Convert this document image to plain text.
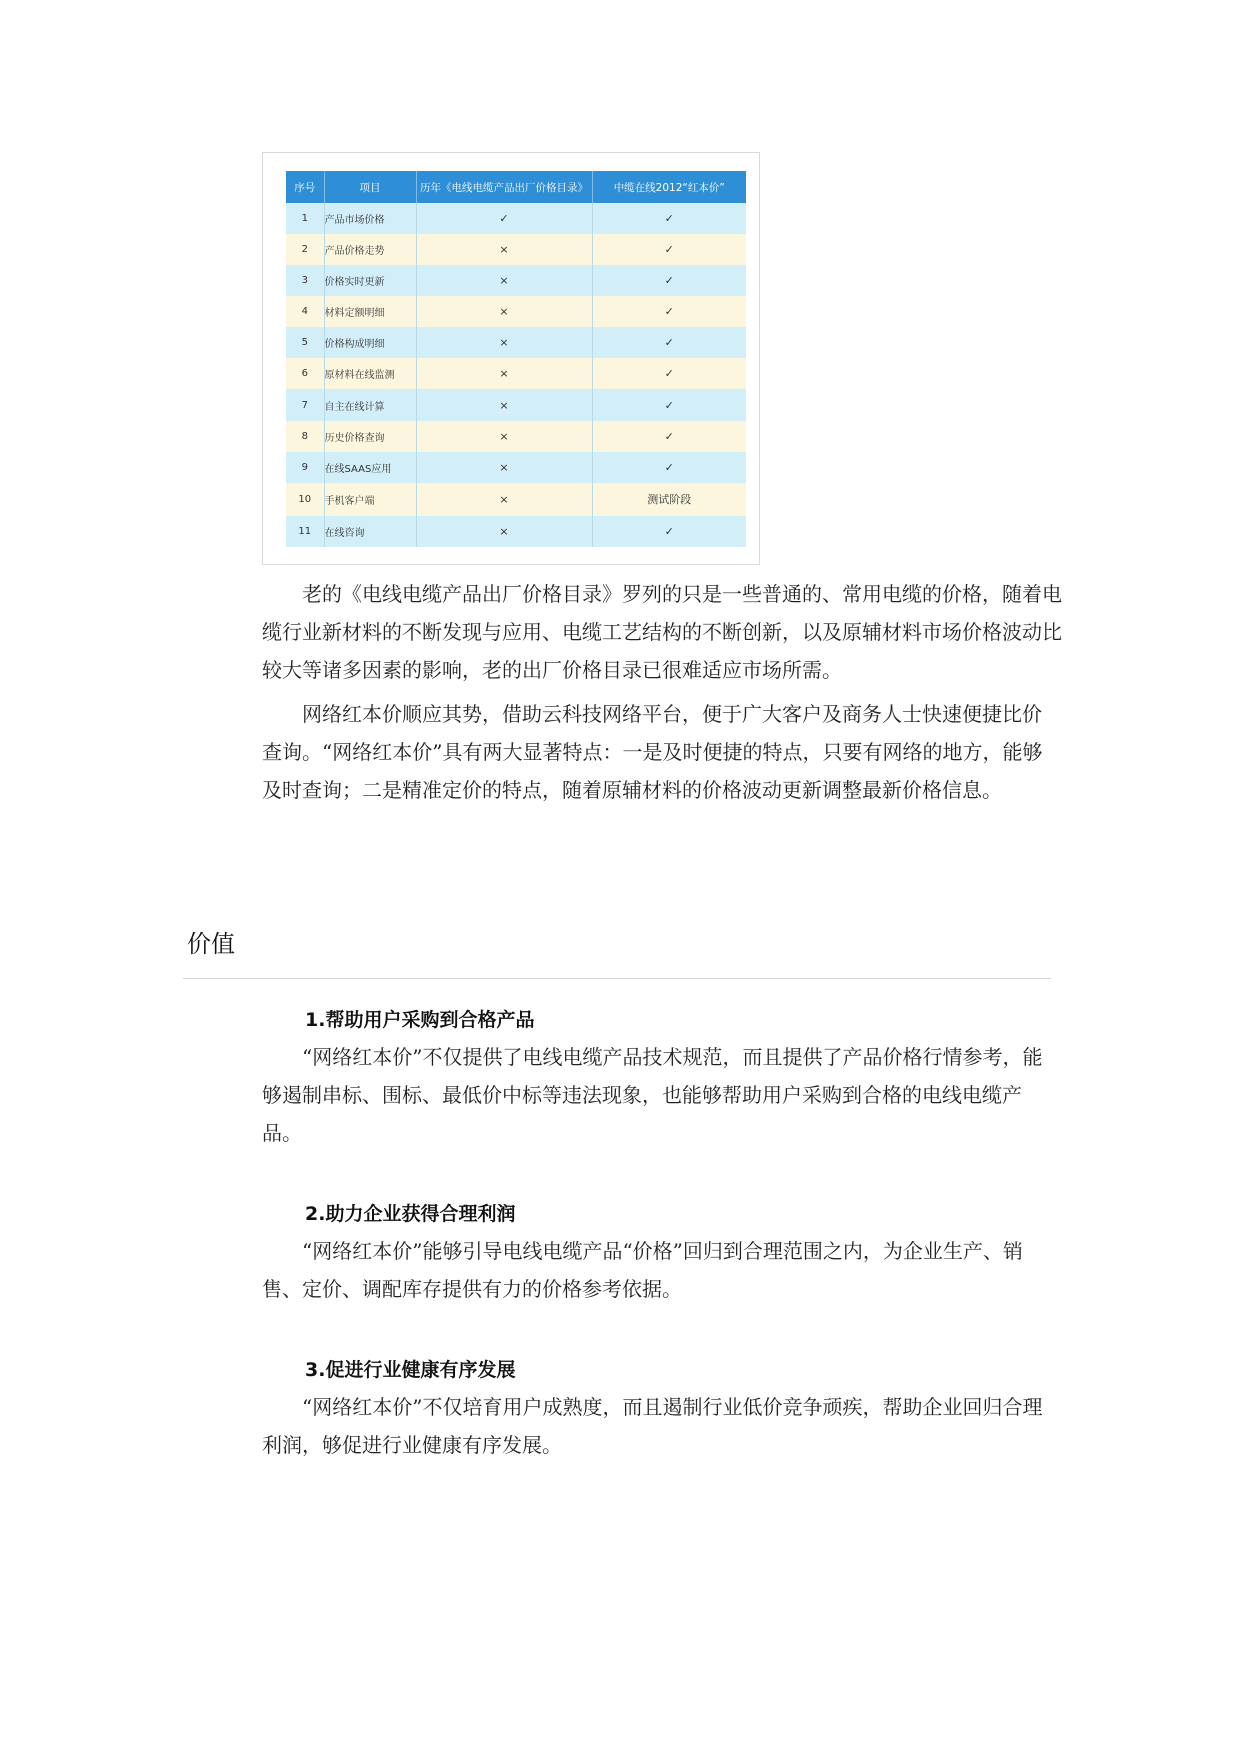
序号	项目	历年《电线电缆产品出厂价格目录》	中缆在线2012“红本价”
1	产品市场价格	✓	✓
2	产品价格走势	×	✓
3	价格实时更新	×	✓
4	材料定额明细	×	✓
5	价格构成明细	×	✓
6	原材料在线监测	×	✓
7	自主在线计算	×	✓
8	历史价格查询	×	✓
9	在线SAAS应用	×	✓
10	手机客户端	×	测试阶段
11	在线咨询	×	✓

老的《电线电缆产品出厂价格目录》罗列的只是一些普通的、常用电缆的价格，随着电缆行业新材料的不断发现与应用、电缆工艺结构的不断创新，以及原辅材料市场价格波动比较大等诸多因素的影响，老的出厂价格目录已很难适应市场所需。

网络红本价顺应其势，借助云科技网络平台，便于广大客户及商务人士快速便捷比价查询。“网络红本价”具有两大显著特点：一是及时便捷的特点，只要有网络的地方，能够及时查询；二是精准定价的特点，随着原辅材料的价格波动更新调整最新价格信息。

价值
1.帮助用户采购到合格产品

“网络红本价”不仅提供了电线电缆产品技术规范，而且提供了产品价格行情参考，能够遏制串标、围标、最低价中标等违法现象，也能够帮助用户采购到合格的电线电缆产品。

2.助力企业获得合理利润

“网络红本价”能够引导电线电缆产品“价格”回归到合理范围之内，为企业生产、销售、定价、调配库存提供有力的价格参考依据。

3.促进行业健康有序发展

“网络红本价”不仅培育用户成熟度，而且遏制行业低价竞争顽疾，帮助企业回归合理利润，够促进行业健康有序发展。
